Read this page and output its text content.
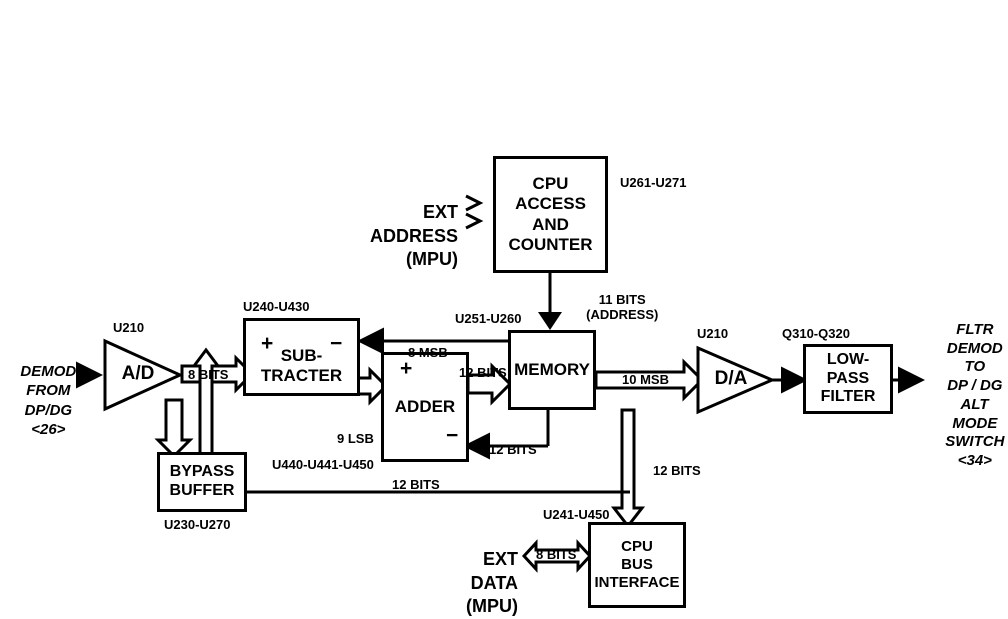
CPU ACCESS
AND
COUNTER
SUB-
TRACTER
+	−
ADDER
+
−
MEMORY
BYPASS
BUFFER
LOW-PASS
FILTER
CPU
BUS
INTERFACE
A/D	D/A
U261-U271
U210
U240-U430
U251-U260
U210	Q310-Q320
U230-U270
U440-U441-U450
U241-U450

11 BITS
(ADDRESS)

8 BITS
8 MSB
12 BITS
9 LSB
12 BITS
10 MSB
12 BITS
12 BITS
8 BITS

EXT
ADDRESS
(MPU)

EXT
DATA
(MPU)

DEMOD
FROM
DP/DG
<26>

FLTR
DEMOD
TO
DP / DG
ALT
MODE
SWITCH
<34>
